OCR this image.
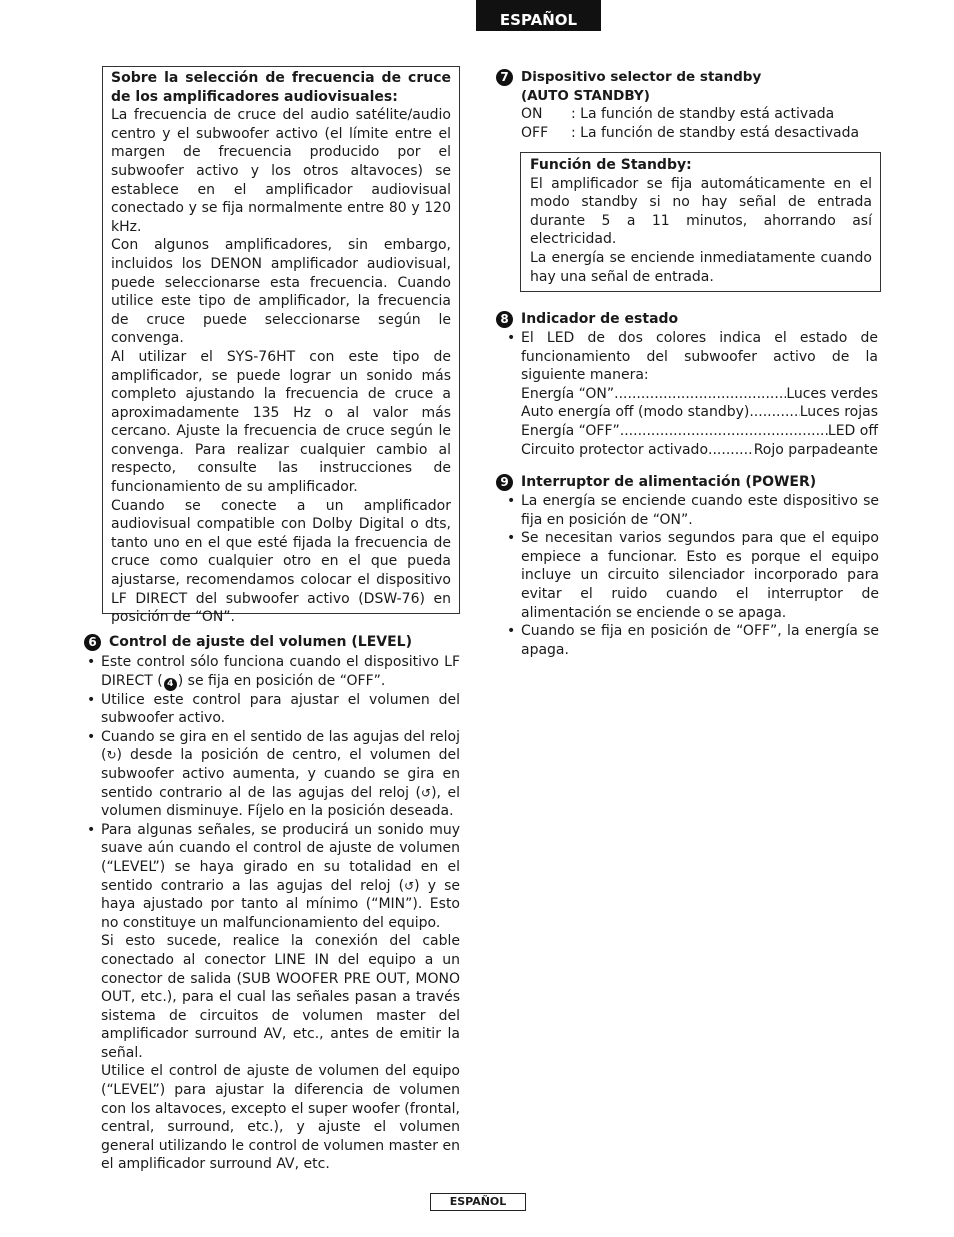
ESPAÑOL

Sobre la selección de frecuencia de cruce de los amplificadores audiovisuales:

La frecuencia de cruce del audio satélite/audio centro y el subwoofer activo (el límite entre el margen de frecuencia producido por el subwoofer activo y los otros altavoces) se establece en el amplificador audiovisual conectado y se fija normalmente entre 80 y 120 kHz.

Con algunos amplificadores, sin embargo, incluidos los DENON amplificador audiovisual, puede seleccionarse esta frecuencia. Cuando utilice este tipo de amplificador, la frecuencia de cruce puede seleccionarse según le convenga.

Al utilizar el SYS-76HT con este tipo de amplificador, se puede lograr un sonido más completo ajustando la frecuencia de cruce a aproximadamente 135 Hz o al valor más cercano. Ajuste la frecuencia de cruce según le convenga. Para realizar cualquier cambio al respecto, consulte las instrucciones de funcionamiento de su amplificador.

Cuando se conecte a un amplificador audiovisual compatible con Dolby Digital o dts, tanto uno en el que esté fijada la frecuencia de cruce como cualquier otro en el que pueda ajustarse, recomendamos colocar el dispositivo LF DIRECT del subwoofer activo (DSW-76) en posición de “ON”.

6 Control de ajuste del volumen (LEVEL)
• Este control sólo funciona cuando el dispositivo LF DIRECT ( 4 ) se fija en posición de “OFF”.
• Utilice este control para ajustar el volumen del subwoofer activo.
• Cuando se gira en el sentido de las agujas del reloj (↻) desde la posición de centro, el volumen del subwoofer activo aumenta, y cuando se gira en sentido contrario al de las agujas del reloj (↺), el volumen disminuye. Fíjelo en la posición deseada.
• Para algunas señales, se producirá un sonido muy suave aún cuando el control de ajuste de volumen (“LEVEL”) se haya girado en su totalidad en el sentido contrario a las agujas del reloj (↺) y se haya ajustado por tanto al mínimo (“MIN”). Esto no constituye un malfuncionamiento del equipo.

Si esto sucede, realice la conexión del cable conectado al conector LINE IN del equipo a un conector de salida (SUB WOOFER PRE OUT, MONO OUT, etc.), para el cual las señales pasan a través sistema de circuitos de volumen master del amplificador surround AV, etc., antes de emitir la señal.

Utilice el control de ajuste de volumen del equipo (“LEVEL”) para ajustar la diferencia de volumen con los altavoces, excepto el super woofer (frontal, central, surround, etc.), y ajuste el volumen general utilizando le control de volumen master en el amplificador surround AV, etc.

7 Dispositivo selector de standby
(AUTO STANDBY)
ON	: La función de standby está activada
OFF	: La función de standby está desactivada

Función de Standby:

El amplificador se fija automáticamente en el modo standby si no hay señal de entrada durante 5 a 11 minutos, ahorrando así electricidad.

La energía se enciende inmediatamente cuando hay una señal de entrada.

8 Indicador de estado
• El LED de dos colores indica el estado de funcionamiento del subwoofer activo de la siguiente manera:
Energía “ON” .....	Luces verdes
Auto energía off (modo standby) .....	Luces rojas
Energía “OFF” .....	LED off
Circuito protector activado .....	Rojo parpadeante
9 Interruptor de alimentación (POWER)
• La energía se enciende cuando este dispositivo se fija en posición de “ON”.
• Se necesitan varios segundos para que el equipo empiece a funcionar. Esto es porque el equipo incluye un circuito silenciador incorporado para evitar el ruido cuando el interruptor de alimentación se enciende o se apaga.
• Cuando se fija en posición de “OFF”, la energía se apaga.
ESPAÑOL
